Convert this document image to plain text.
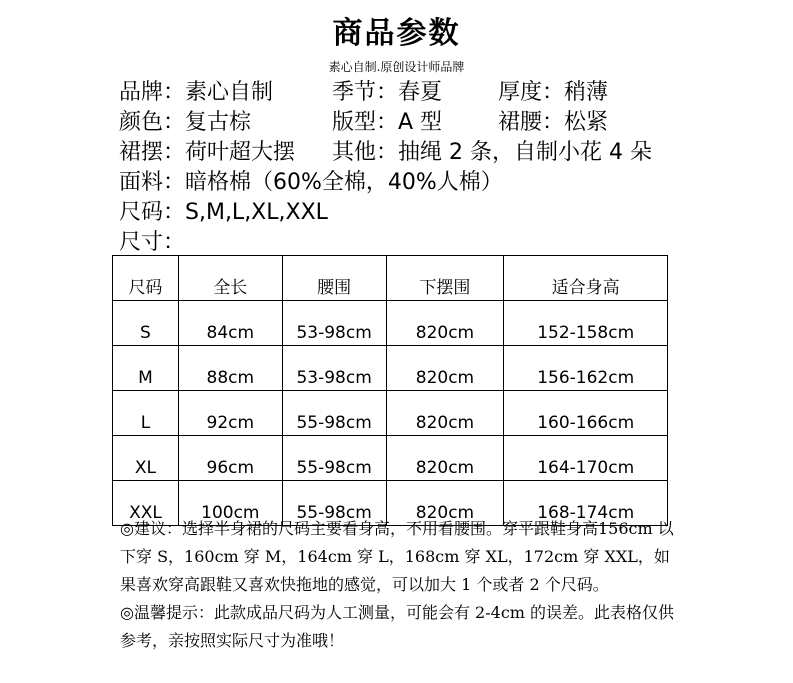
商品参数
素心自制.原创设计师品牌
品牌：素心自制	季节：春夏	厚度：稍薄
颜色：复古棕	版型：A 型	裙腰：松紧
裙摆：荷叶超大摆 其他：抽绳 2 条，自制小花 4 朵
面料：暗格棉（60%全棉，40%人棉）
尺码：S,M,L,XL,XXL
尺寸：
尺码	全长	腰围	下摆围	适合身高
S	84cm	53-98cm	820cm	152-158cm
M	88cm	53-98cm	820cm	156-162cm
L	92cm	55-98cm	820cm	160-166cm
XL	96cm	55-98cm	820cm	164-170cm
XXL	100cm	55-98cm	820cm	168-174cm

◎建议：选择半身裙的尺码主要看身高，不用看腰围。穿平跟鞋身高156cm 以下穿 S，160cm 穿 M，164cm 穿 L，168cm 穿 XL，172cm 穿 XXL，如果喜欢穿高跟鞋又喜欢快拖地的感觉，可以加大 1 个或者 2 个尺码。

◎温馨提示：此款成品尺码为人工测量，可能会有 2-4cm 的误差。此表格仅供参考，亲按照实际尺寸为准哦！
